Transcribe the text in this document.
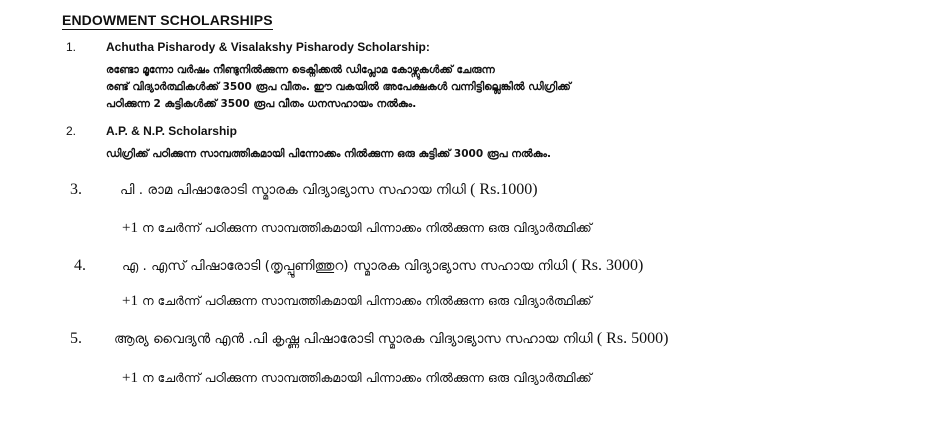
ENDOWMENT SCHOLARSHIPS
1. Achutha Pisharody & Visalakshy Pisharody Scholarship:
രണ്ടോ മൂന്നോ വർഷം നീണ്ടുനിൽക്കുന്ന ടെക്നിക്കൽ ഡിപ്ലോമ കോഴ്സുകൾക്ക് ചേരുന്ന
രണ്ട് വിദ്യാർത്ഥികൾക്ക് 3500 രൂപ വീതം. ഈ വകയിൽ അപേക്ഷകൾ വന്നിട്ടില്ലെങ്കിൽ ഡിഗ്രിക്ക്
പഠിക്കുന്ന 2 കുട്ടികൾക്ക് 3500 രൂപ വീതം ധനസഹായം നൽകും.
2. A.P. & N.P. Scholarship
ഡിഗ്രിക്ക് പഠിക്കുന്ന സാമ്പത്തികമായി പിന്നോക്കം നിൽക്കുന്ന ഒരു കുട്ടിക്ക് 3000 രൂപ നൽകും.
3.	പി . രാമ പിഷാരോടി സ്മാരക വിദ്യാഭ്യാസ സഹായ നിധി ( Rs.1000)
+1 ന ചേർന്ന് പഠിക്കുന്ന സാമ്പത്തികമായി പിന്നാക്കം നിൽക്കുന്ന ഒരു വിദ്യാർത്ഥിക്ക്
4.	എ . എസ് പിഷാരോടി (തൃപ്പൂണിത്തുറ) സ്മാരക വിദ്യാഭ്യാസ സഹായ നിധി ( Rs. 3000)
+1 ന ചേർന്ന് പഠിക്കുന്ന സാമ്പത്തികമായി പിന്നാക്കം നിൽക്കുന്ന ഒരു വിദ്യാർത്ഥിക്ക്
5. ആര്യ വൈദ്യൻ എൻ .പി കൃഷ്ണ പിഷാരോടി സ്മാരക വിദ്യാഭ്യാസ സഹായ നിധി ( Rs. 5000)
+1 ന ചേർന്ന് പഠിക്കുന്ന സാമ്പത്തികമായി പിന്നാക്കം നിൽക്കുന്ന ഒരു വിദ്യാർത്ഥിക്ക്
